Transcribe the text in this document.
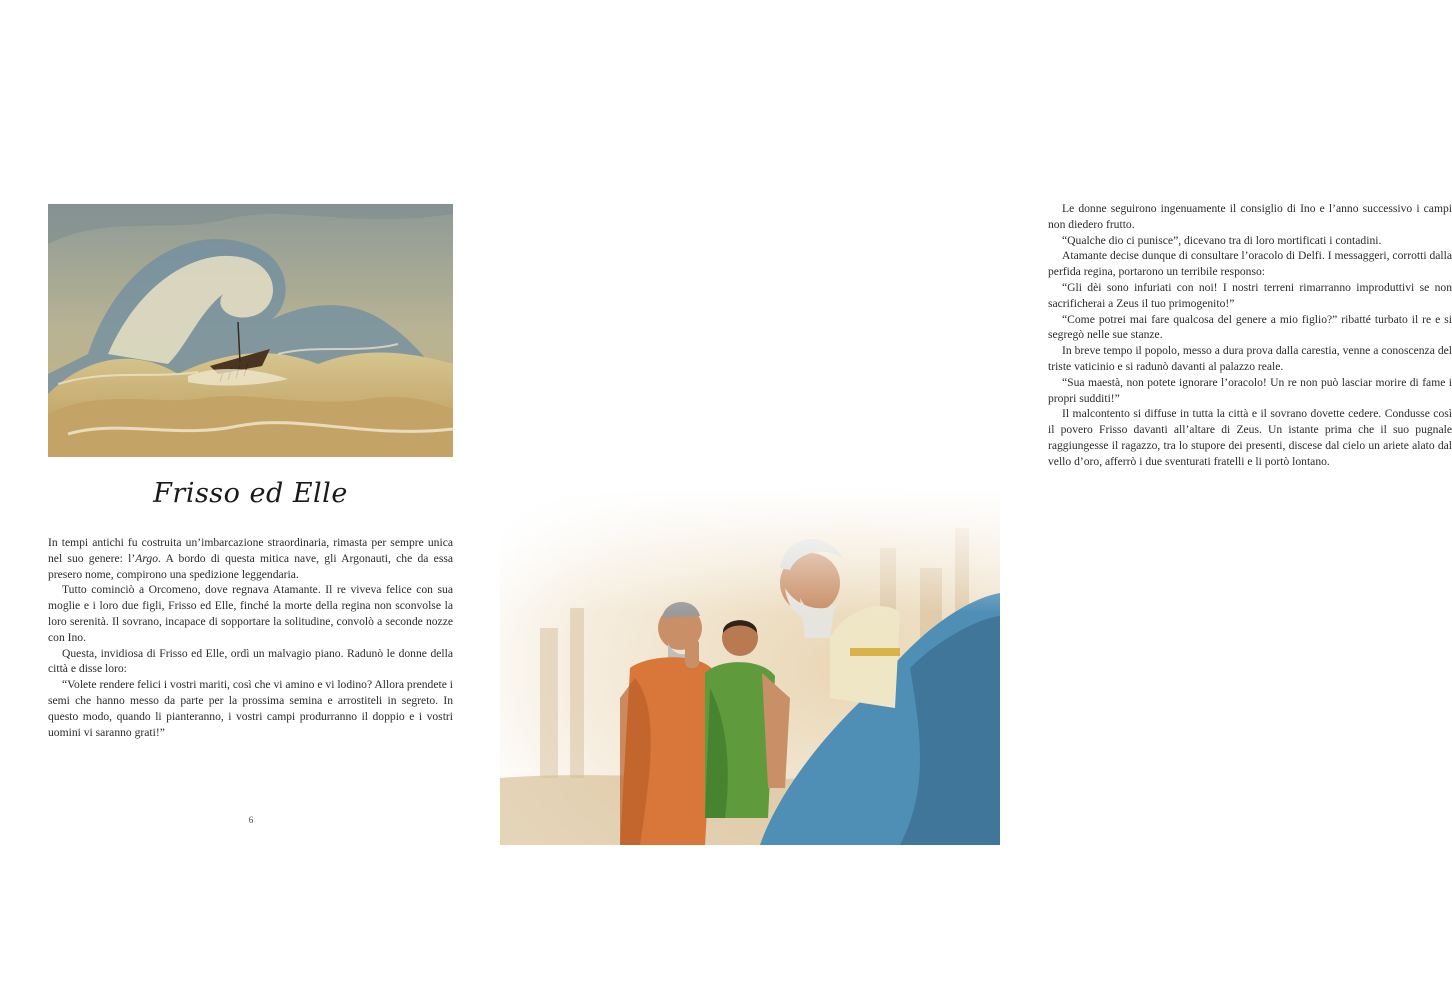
Frisso ed Elle

In tempi antichi fu costruita un’imbarcazione straordinaria, rimasta per sempre unica nel suo genere: l’Argo. A bordo di questa mitica nave, gli Argonauti, che da essa presero nome, compirono una spedizione leggendaria.

Tutto cominciò a Orcomeno, dove regnava Atamante. Il re viveva felice con sua moglie e i loro due figli, Frisso ed Elle, finché la morte della regina non sconvolse la loro serenità. Il sovrano, incapace di sopportare la solitudine, convolò a seconde nozze con Ino.

Questa, invidiosa di Frisso ed Elle, ordì un malvagio piano. Radunò le donne della città e disse loro:

“Volete rendere felici i vostri mariti, così che vi amino e vi lodino? Allora prendete i semi che hanno messo da parte per la prossima semina e arrostiteli in segreto. In questo modo, quando li pianteranno, i vostri campi produrranno il doppio e i vostri uomini vi saranno grati!”

6

Le donne seguirono ingenuamente il consiglio di Ino e l’anno successivo i campi non diedero frutto.

“Qualche dio ci punisce”, dicevano tra di loro mortificati i contadini.

Atamante decise dunque di consultare l’oracolo di Delfi. I messaggeri, corrotti dalla perfida regina, portarono un terribile responso:

“Gli dèi sono infuriati con noi! I nostri terreni rimarranno improduttivi se non sacrificherai a Zeus il tuo primogenito!”

“Come potrei mai fare qualcosa del genere a mio figlio?” ribatté turbato il re e si segregò nelle sue stanze.

In breve tempo il popolo, messo a dura prova dalla carestia, venne a conoscenza del triste vaticinio e si radunò davanti al palazzo reale.

“Sua maestà, non potete ignorare l’oracolo! Un re non può lasciar morire di fame i propri sudditi!”

Il malcontento si diffuse in tutta la città e il sovrano dovette cedere. Condusse così il povero Frisso davanti all’altare di Zeus. Un istante prima che il suo pugnale raggiungesse il ragazzo, tra lo stupore dei presenti, discese dal cielo un ariete alato dal vello d’oro, afferrò i due sventurati fratelli e li portò lontano.
